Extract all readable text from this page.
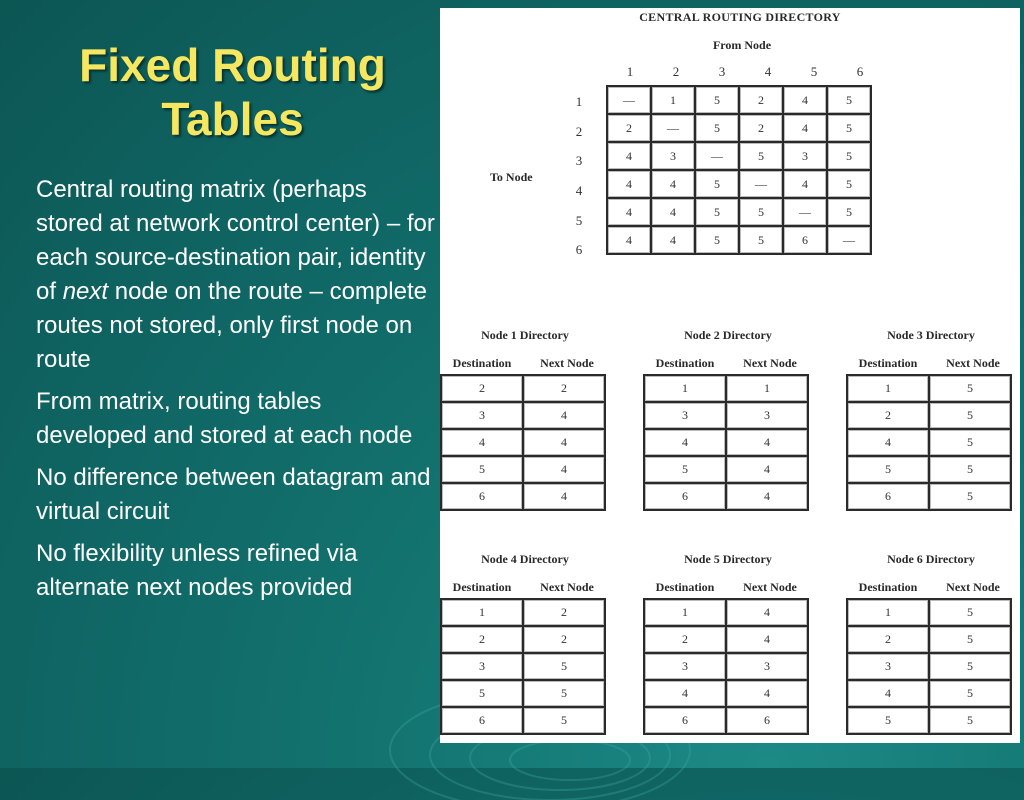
Fixed Routing
Tables
Central routing matrix (perhaps stored at network control center) – for each source-destination pair, identity of next node on the route – complete routes not stored, only first node on route
From matrix, routing tables developed and stored at each node
No difference between datagram and virtual circuit
No flexibility unless refined via alternate next nodes provided
CENTRAL ROUTING DIRECTORY
From Node
To Node
1	2	3	4	5	6
1
2
3
4
5
6
—	1	5	2	4	5
2	—	5	2	4	5
4	3	—	5	3	5
4	4	5	—	4	5
4	4	5	5	—	5
4	4	5	5	6	—
Node 1 Directory
Destination	Next Node
2	2
3	4
4	4
5	4
6	4
Node 2 Directory
Destination	Next Node
1	1
3	3
4	4
5	4
6	4
Node 3 Directory
Destination	Next Node
1	5
2	5
4	5
5	5
6	5
Node 4 Directory
Destination	Next Node
1	2
2	2
3	5
5	5
6	5
Node 5 Directory
Destination	Next Node
1	4
2	4
3	3
4	4
6	6
Node 6 Directory
Destination	Next Node
1	5
2	5
3	5
4	5
5	5
